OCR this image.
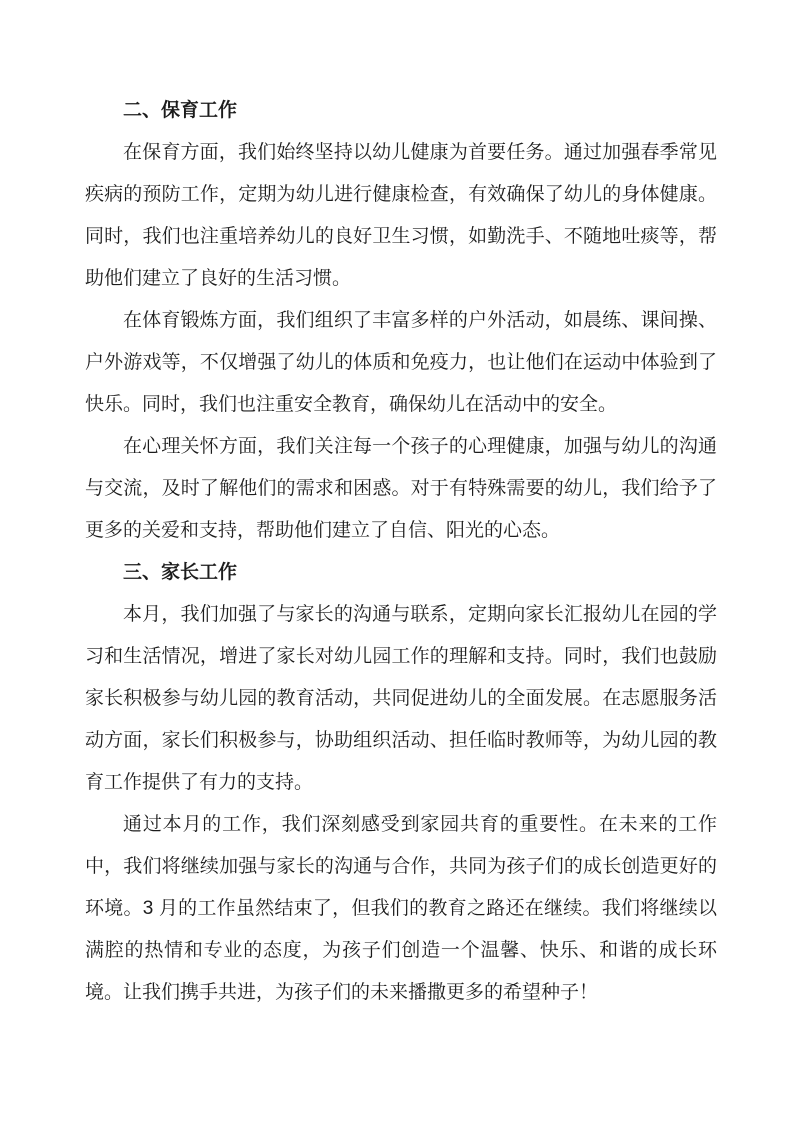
二、保育工作

在保育方面，我们始终坚持以幼儿健康为首要任务。通过加强春季常见疾病的预防工作，定期为幼儿进行健康检查，有效确保了幼儿的身体健康。同时，我们也注重培养幼儿的良好卫生习惯，如勤洗手、不随地吐痰等，帮助他们建立了良好的生活习惯。

在体育锻炼方面，我们组织了丰富多样的户外活动，如晨练、课间操、户外游戏等，不仅增强了幼儿的体质和免疫力，也让他们在运动中体验到了快乐。同时，我们也注重安全教育，确保幼儿在活动中的安全。

在心理关怀方面，我们关注每一个孩子的心理健康，加强与幼儿的沟通与交流，及时了解他们的需求和困惑。对于有特殊需要的幼儿，我们给予了更多的关爱和支持，帮助他们建立了自信、阳光的心态。

三、家长工作

本月，我们加强了与家长的沟通与联系，定期向家长汇报幼儿在园的学习和生活情况，增进了家长对幼儿园工作的理解和支持。同时，我们也鼓励家长积极参与幼儿园的教育活动，共同促进幼儿的全面发展。在志愿服务活动方面，家长们积极参与，协助组织活动、担任临时教师等，为幼儿园的教育工作提供了有力的支持。

通过本月的工作，我们深刻感受到家园共育的重要性。在未来的工作中，我们将继续加强与家长的沟通与合作，共同为孩子们的成长创造更好的环境。3 月的工作虽然结束了，但我们的教育之路还在继续。我们将继续以满腔的热情和专业的态度，为孩子们创造一个温馨、快乐、和谐的成长环境。让我们携手共进，为孩子们的未来播撒更多的希望种子！
